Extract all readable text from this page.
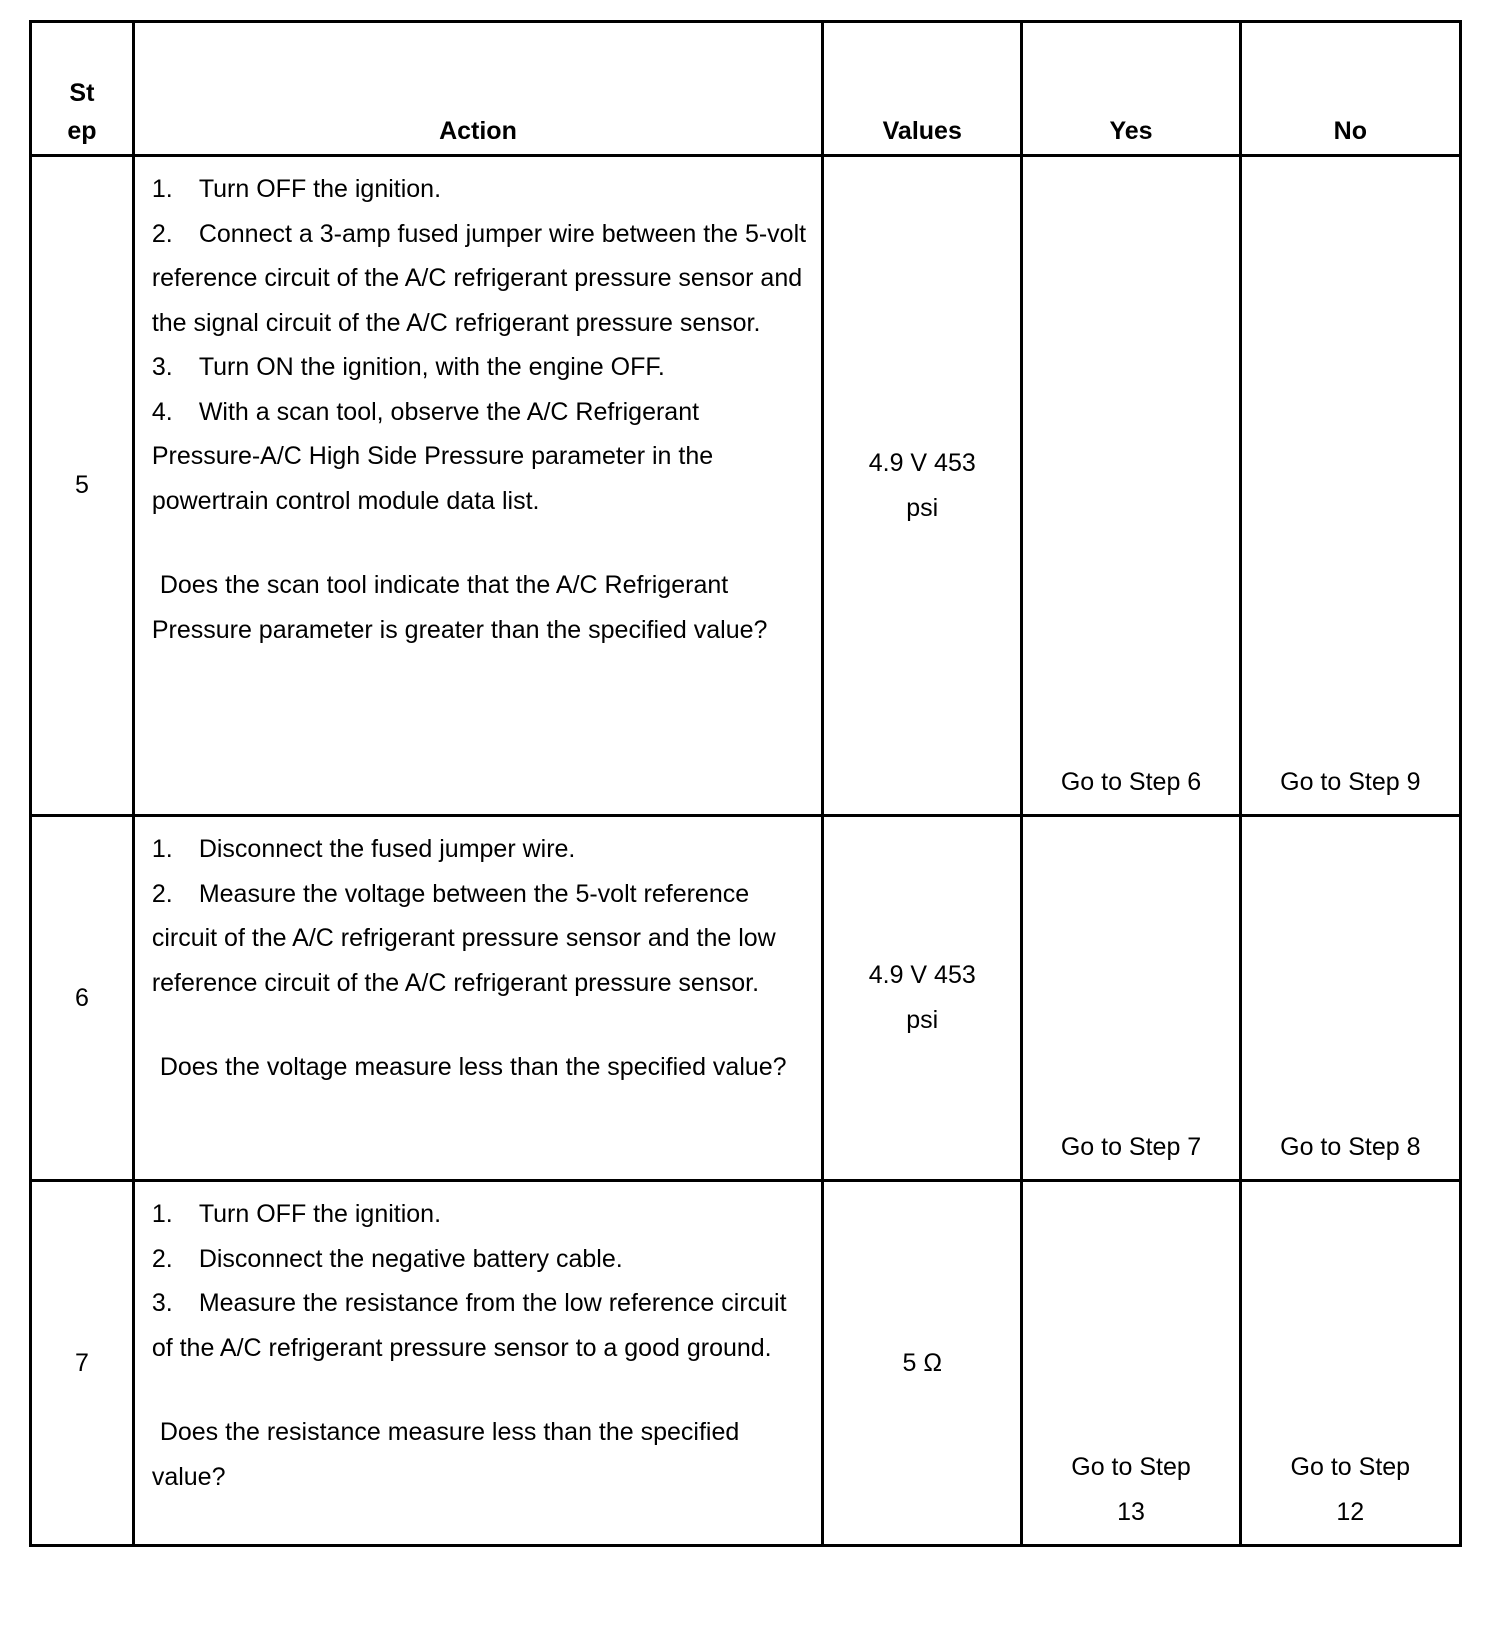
St ep	Action	Values	Yes	No
5	1. Turn OFF the ignition.
2. Connect a 3-amp fused jumper wire between the 5-volt reference circuit of the A/C refrigerant pressure sensor and the signal circuit of the A/C refrigerant pressure sensor.
3. Turn ON the ignition, with the engine OFF.
4. With a scan tool, observe the A/C Refrigerant Pressure-A/C High Side Pressure parameter in the powertrain control module data list.
Does the scan tool indicate that the A/C Refrigerant Pressure parameter is greater than the specified value?	4.9 V 453 psi	Go to Step 6	Go to Step 9
6	1. Disconnect the fused jumper wire.
2. Measure the voltage between the 5-volt reference circuit of the A/C refrigerant pressure sensor and the low reference circuit of the A/C refrigerant pressure sensor.
Does the voltage measure less than the specified value?	4.9 V 453 psi	Go to Step 7	Go to Step 8
7	1. Turn OFF the ignition.
2. Disconnect the negative battery cable.
3. Measure the resistance from the low reference circuit of the A/C refrigerant pressure sensor to a good ground.
Does the resistance measure less than the specified value?	5 Ω	Go to Step 13	Go to Step 12
